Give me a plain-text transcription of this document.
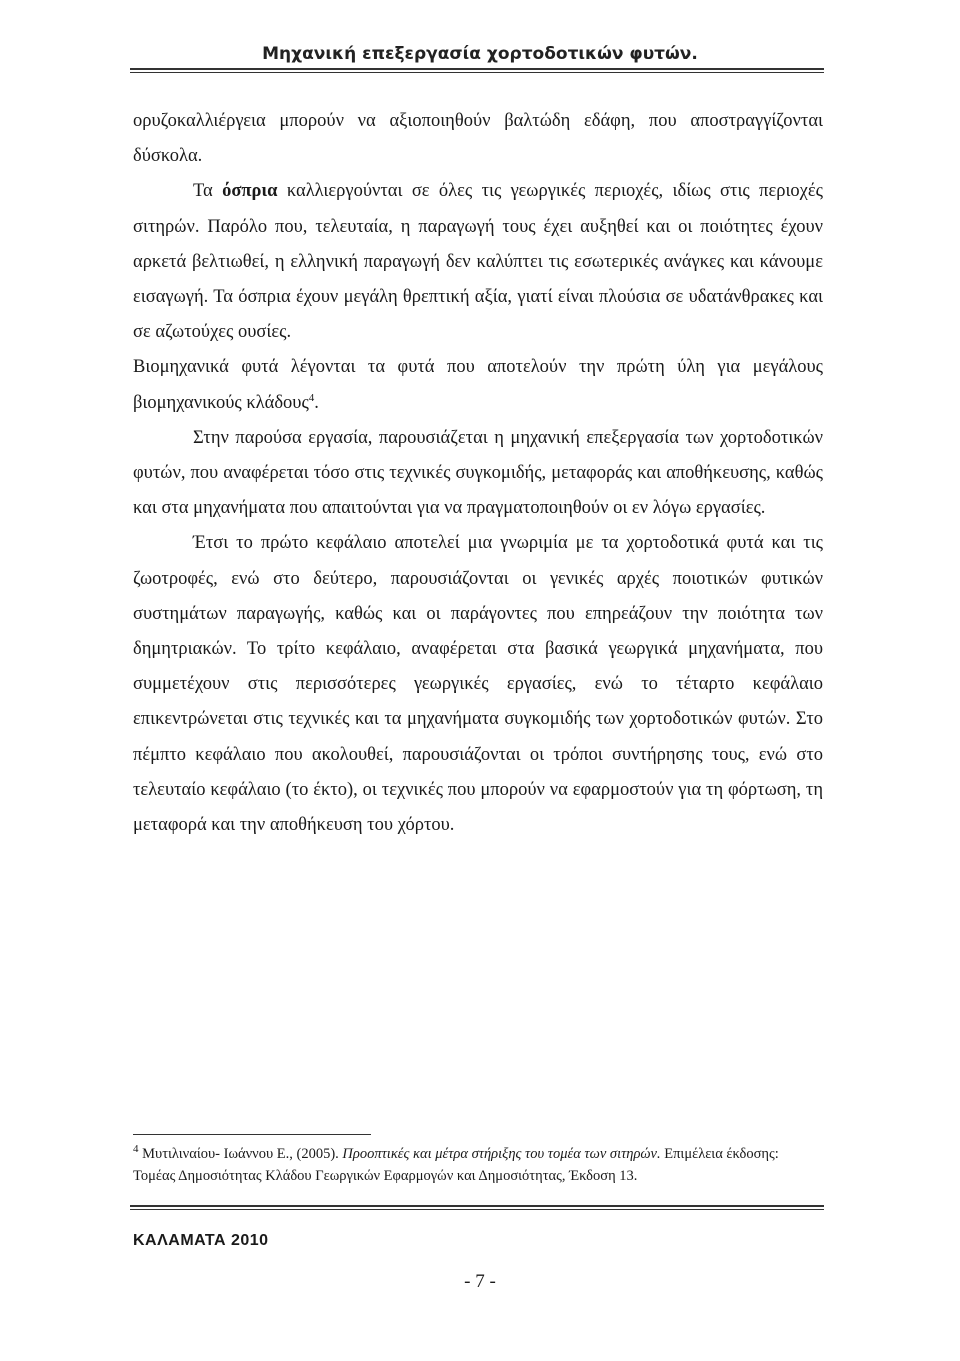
Μηχανική επεξεργασία χορτοδοτικών φυτών.

ορυζοκαλλιέργεια μπορούν να αξιοποιηθούν βαλτώδη εδάφη, που αποστραγγίζονται δύσκολα.

Τα όσπρια καλλιεργούνται σε όλες τις γεωργικές περιοχές, ιδίως στις περιοχές σιτηρών. Παρόλο που, τελευταία, η παραγωγή τους έχει αυξηθεί και οι ποιότητες έχουν αρκετά βελτιωθεί, η ελληνική παραγωγή δεν καλύπτει τις εσωτερικές ανάγκες και κάνουμε εισαγωγή. Τα όσπρια έχουν μεγάλη θρεπτική αξία, γιατί είναι πλούσια σε υδατάνθρακες και σε αζωτούχες ουσίες.

Βιομηχανικά φυτά λέγονται τα φυτά που αποτελούν την πρώτη ύλη για μεγάλους βιομηχανικούς κλάδους$^4$.

Στην παρούσα εργασία, παρουσιάζεται η μηχανική επεξεργασία των χορτοδοτικών φυτών, που αναφέρεται τόσο στις τεχνικές συγκομιδής, μεταφοράς και αποθήκευσης, καθώς και στα μηχανήματα που απαιτούνται για να πραγματοποιηθούν οι εν λόγω εργασίες.

Έτσι το πρώτο κεφάλαιο αποτελεί μια γνωριμία με τα χορτοδοτικά φυτά και τις ζωοτροφές, ενώ στο δεύτερο, παρουσιάζονται οι γενικές αρχές ποιοτικών φυτικών συστημάτων παραγωγής, καθώς και οι παράγοντες που επηρεάζουν την ποιότητα των δημητριακών. Το τρίτο κεφάλαιο, αναφέρεται στα βασικά γεωργικά μηχανήματα, που συμμετέχουν στις περισσότερες γεωργικές εργασίες, ενώ το τέταρτο κεφάλαιο επικεντρώνεται στις τεχνικές και τα μηχανήματα συγκομιδής των χορτοδοτικών φυτών. Στο πέμπτο κεφάλαιο που ακολουθεί, παρουσιάζονται οι τρόποι συντήρησης τους, ενώ στο τελευταίο κεφάλαιο (το έκτο), οι τεχνικές που μπορούν να εφαρμοστούν για τη φόρτωση, τη μεταφορά και την αποθήκευση του χόρτου.

$^4$ Μυτιλιναίου- Ιωάννου Ε., (2005). Προοπτικές και μέτρα στήριξης του τομέα των σιτηρών. Επιμέλεια έκδοσης: Τομέας Δημοσιότητας Κλάδου Γεωργικών Εφαρμογών και Δημοσιότητας, Έκδοση 13.

ΚΑΛΑΜΑΤΑ 2010
- 7 -
